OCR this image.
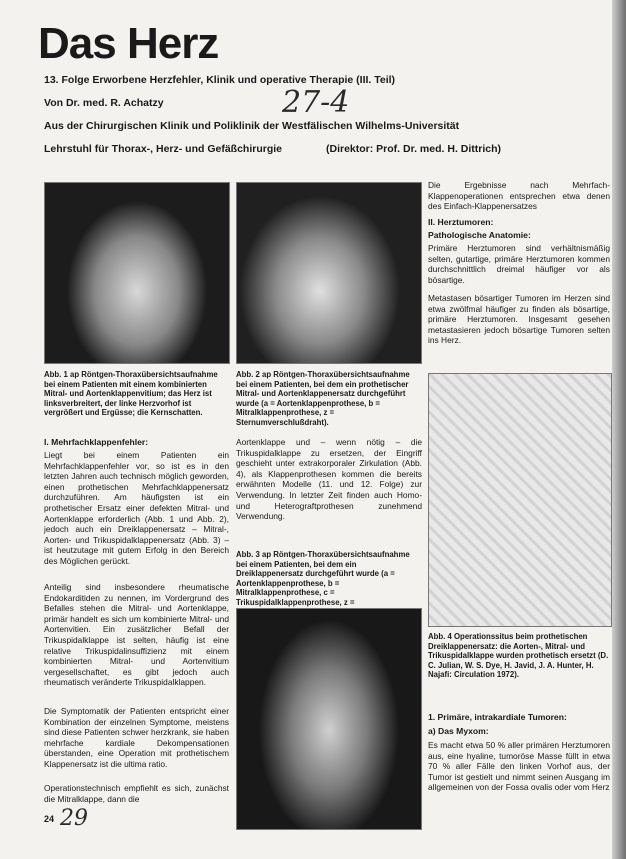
Das Herz
13. Folge Erworbene Herzfehler, Klinik und operative Therapie (III. Teil)
Von Dr. med. R. Achatzy	27-4
Aus der Chirurgischen Klinik und Poliklinik der Westfälischen Wilhelms-Universität
Lehrstuhl für Thorax-, Herz- und Gefäßchirurgie	(Direktor: Prof. Dr. med. H. Dittrich)
Abb. 1 ap Röntgen-Thoraxübersichtsaufnahme bei einem Patienten mit einem kombinierten Mitral- und Aortenklappenvitium; das Herz ist linksverbreitert, der linke Herzvorhof ist vergrößert und Ergüsse; die Kernschatten.
Abb. 2 ap Röntgen-Thoraxübersichtsaufnahme bei einem Patienten, bei dem ein prothetischer Mitral- und Aortenklappenersatz durchgeführt wurde (a = Aortenklappenprothese, b = Mitralklappenprothese, z = Sternumverschlußdraht).
I. Mehrfachklappenfehler:
Liegt bei einem Patienten ein Mehrfachklappenfehler vor, so ist es in den letzten Jahren auch technisch möglich geworden, einen prothetischen Mehrfachklappenersatz durchzuführen. Am häufigsten ist ein prothetischer Ersatz einer defekten Mitral- und Aortenklappe erforderlich (Abb. 1 und Abb. 2), jedoch auch ein Dreiklappenersatz – Mitral-, Aorten- und Trikuspidalklappenersatz (Abb. 3) – ist heutzutage mit gutem Erfolg in den Bereich des Möglichen gerückt.
Anteilig sind insbesondere rheumatische Endokarditiden zu nennen, im Vordergrund des Befalles stehen die Mitral- und Aortenklappe, primär handelt es sich um kombinierte Mitral- und Aortenvitien. Ein zusätzlicher Befall der Trikuspidalklappe ist selten, häufig ist eine relative Trikuspidalinsuffizienz mit einem kombinierten Mitral- und Aortenvitium vergesellschaftet, es gibt jedoch auch rheumatisch veränderte Trikuspidalklappen.
Die Symptomatik der Patienten entspricht einer Kombination der einzelnen Symptome, meistens sind diese Patienten schwer herzkrank, sie haben mehrfache kardiale Dekompensationen überstanden, eine Operation mit prothetischem Klappenersatz ist die ultima ratio.
Operationstechnisch empfiehlt es sich, zunächst die Mitralklappe, dann die
Aortenklappe und – wenn nötig – die Trikuspidalklappe zu ersetzen, der Eingriff geschieht unter extrakorporaler Zirkulation (Abb. 4), als Klappenprothesen kommen die bereits erwähnten Modelle (11. und 12. Folge) zur Verwendung. In letzter Zeit finden auch Homo- und Heterograftprothesen zunehmend Verwendung.
Abb. 3 ap Röntgen-Thoraxübersichtsaufnahme bei einem Patienten, bei dem ein Dreiklappenersatz durchgeführt wurde (a = Aortenklappenprothese, b = Mitralklappenprothese, c = Trikuspidalklappenprothese, z =
Die Ergebnisse nach Mehrfach-Klappenoperationen entsprechen etwa denen des Einfach-Klappenersatzes
II. Herztumoren:
Pathologische Anatomie:
Primäre Herztumoren sind verhältnismäßig selten, gutartige, primäre Herztumoren kommen durchschnittlich dreimal häufiger vor als bösartige.
Metastasen bösartiger Tumoren im Herzen sind etwa zwölfmal häufiger zu finden als bösartige, primäre Herztumoren. Insgesamt gesehen metastasieren jedoch bösartige Tumoren selten ins Herz.
Abb. 4 Operationssitus beim prothetischen Dreiklappenersatz: die Aorten-, Mitral- und Trikuspidalklappe wurden prothetisch ersetzt (D. C. Julian, W. S. Dye, H. Javid, J. A. Hunter, H. Najafi: Circulation 1972).
1. Primäre, intrakardiale Tumoren:
a) Das Myxom:
Es macht etwa 50 % aller primären Herztumoren aus, eine hyaline, tumoröse Masse füllt in etwa 70 % aller Fälle den linken Vorhof aus, der Tumor ist gestielt und nimmt seinen Ausgang im allgemeinen von der Fossa ovalis oder vom Herz
24 29
